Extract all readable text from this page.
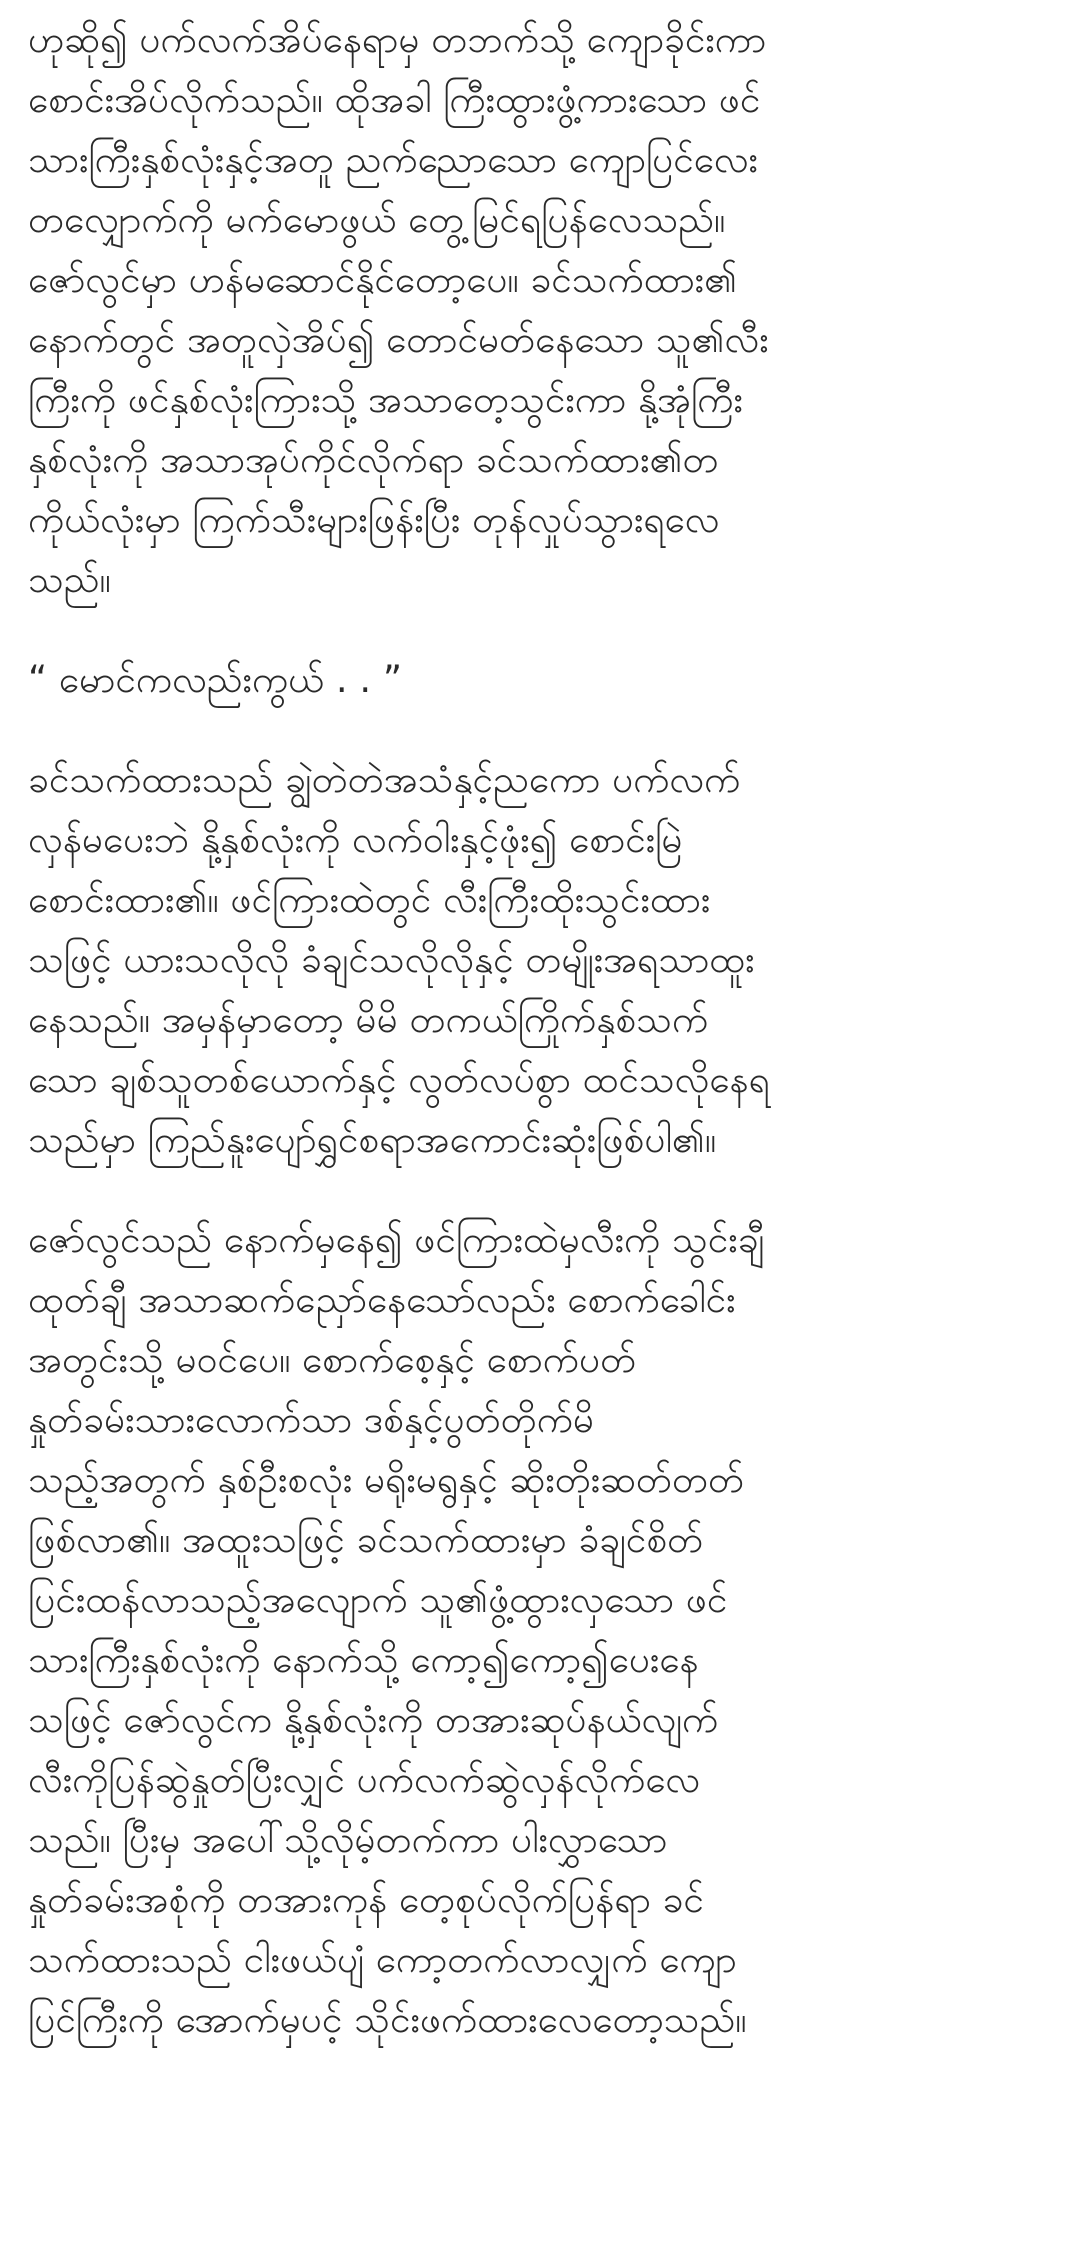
ဟုဆို၍ ပက်လက်အိပ်နေရာမှ တဘက်သို့ ကျောခိုင်းကာ
စောင်းအိပ်လိုက်သည်။ ထိုအခါ ကြီးထွားဖွံ့ကားသော ဖင်
သားကြီးနှစ်လုံးနှင့်အတူ ညက်ညောသော ကျောပြင်လေး
တလျှောက်ကို မက်မောဖွယ် တွေ့မြင်ရပြန်လေသည်။
ဇော်လွင်မှာ ဟန်မဆောင်နိုင်တော့ပေ။ ခင်သက်ထား၏
နောက်တွင် အတူလှဲအိပ်၍ တောင်မတ်နေသော သူ၏လီး
ကြီးကို ဖင်နှစ်လုံးကြားသို့ အသာတေ့သွင်းကာ နို့အုံကြီး
နှစ်လုံးကို အသာအုပ်ကိုင်လိုက်ရာ ခင်သက်ထား၏တ
ကိုယ်လုံးမှာ ကြက်သီးများဖြန်းပြီး တုန်လှုပ်သွားရလေ
သည်။

“ မောင်ကလည်းကွယ် . . ”

ခင်သက်ထားသည် ချွဲတဲတဲအသံနှင့်ညကော ပက်လက်
လှန်မပေးဘဲ နို့နှစ်လုံးကို လက်ဝါးနှင့်ဖုံး၍ စောင်းမြဲ
စောင်းထား၏။ ဖင်ကြားထဲတွင် လီးကြီးထိုးသွင်းထား
သဖြင့် ယားသလိုလို ခံချင်သလိုလိုနှင့် တမျိုးအရသာထူး
နေသည်။ အမှန်မှာတော့ မိမိ တကယ်ကြိုက်နှစ်သက်
သော ချစ်သူတစ်ယောက်နှင့် လွတ်လပ်စွာ ထင်သလိုနေရ
သည်မှာ ကြည်နူးပျော်ရွှင်စရာအကောင်းဆုံးဖြစ်ပါ၏။

ဇော်လွင်သည် နောက်မှနေ၍ ဖင်ကြားထဲမှလီးကို သွင်းချီ
ထုတ်ချီ အသာဆက်ညှော်နေသော်လည်း စောက်ခေါင်း
အတွင်းသို့ မဝင်ပေ။ စောက်စေ့နှင့် စောက်ပတ်
နှုတ်ခမ်းသားလောက်သာ ဒစ်နှင့်ပွတ်တိုက်မိ
သည့်အတွက် နှစ်ဦးစလုံး မရိုးမရွနှင့် ဆိုးတိုးဆတ်တတ်
ဖြစ်လာ၏။ အထူးသဖြင့် ခင်သက်ထားမှာ ခံချင်စိတ်
ပြင်းထန်လာသည့်အလျောက် သူ၏ဖွံ့ထွားလှသော ဖင်
သားကြီးနှစ်လုံးကို နောက်သို့ ကော့၍ကော့၍ပေးနေ
သဖြင့် ဇော်လွင်က နို့နှစ်လုံးကို တအားဆုပ်နယ်လျက်
လီးကိုပြန်ဆွဲနှုတ်ပြီးလျှင် ပက်လက်ဆွဲလှန်လိုက်လေ
သည်။ ပြီးမှ အပေါ်သို့လိုမ့်တက်ကာ ပါးလွှာသော
နှုတ်ခမ်းအစုံကို တအားကုန် တေ့စုပ်လိုက်ပြန်ရာ ခင်
သက်ထားသည် ငါးဖယ်ပျံ ကော့တက်လာလျှက် ကျော
ပြင်ကြီးကို အောက်မှပင့် သိုင်းဖက်ထားလေတော့သည်။
